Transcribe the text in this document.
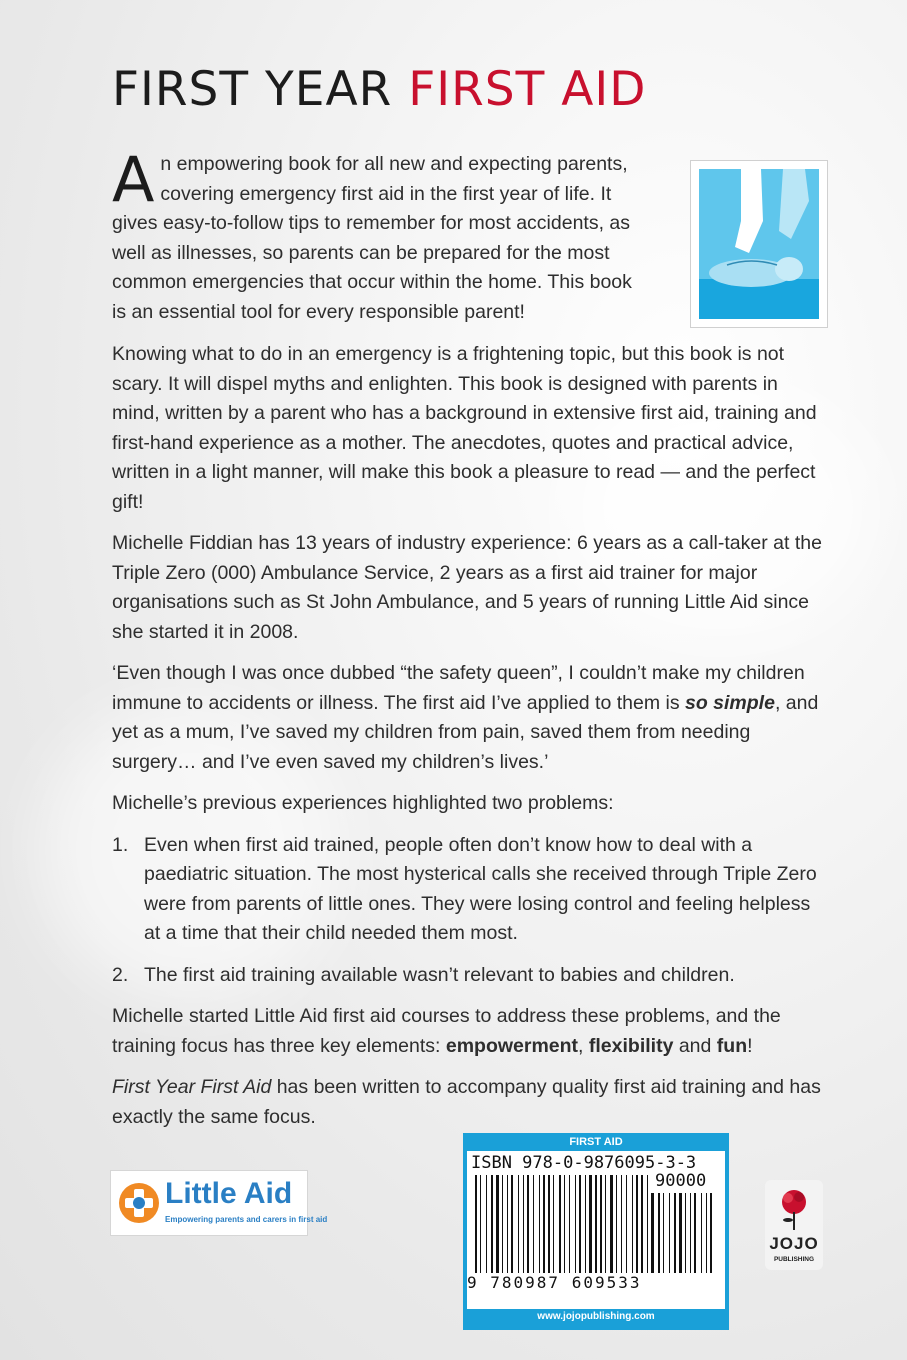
FIRST YEAR FIRST AID
A n empowering book for all new and expecting parents, covering emergency first aid in the first year of life. It gives easy-to-follow tips to remember for most accidents, as well as illnesses, so parents can be prepared for the most common emergencies that occur within the home. This book is an essential tool for every responsible parent!

Knowing what to do in an emergency is a frightening topic, but this book is not scary. It will dispel myths and enlighten. This book is designed with parents in mind, written by a parent who has a background in extensive first aid, training and first-hand experience as a mother. The anecdotes, quotes and practical advice, written in a light manner, will make this book a pleasure to read — and the perfect gift!

Michelle Fiddian has 13 years of industry experience: 6 years as a call-taker at the Triple Zero (000) Ambulance Service, 2 years as a first aid trainer for major organisations such as St John Ambulance, and 5 years of running Little Aid since she started it in 2008.

‘Even though I was once dubbed “the safety queen”, I couldn’t make my children immune to accidents or illness. The first aid I’ve applied to them is so simple, and yet as a mum, I’ve saved my children from pain, saved them from needing surgery… and I’ve even saved my children’s lives.’

Michelle’s previous experiences highlighted two problems:

1. Even when first aid trained, people often don’t know how to deal with a paediatric situation. The most hysterical calls she received through Triple Zero were from parents of little ones. They were losing control and feeling helpless at a time that their child needed them most.
2. The first aid training available wasn’t relevant to babies and children.

Michelle started Little Aid first aid courses to address these problems, and the training focus has three key elements: empowerment, flexibility and fun!

First Year First Aid has been written to accompany quality first aid training and has exactly the same focus.

Little Aid
Empowering parents and carers in first aid
FIRST AID
ISBN 978-0-9876095-3-3
90000
9 780987 609533
www.jojopublishing.com
JOJO
PUBLISHING
